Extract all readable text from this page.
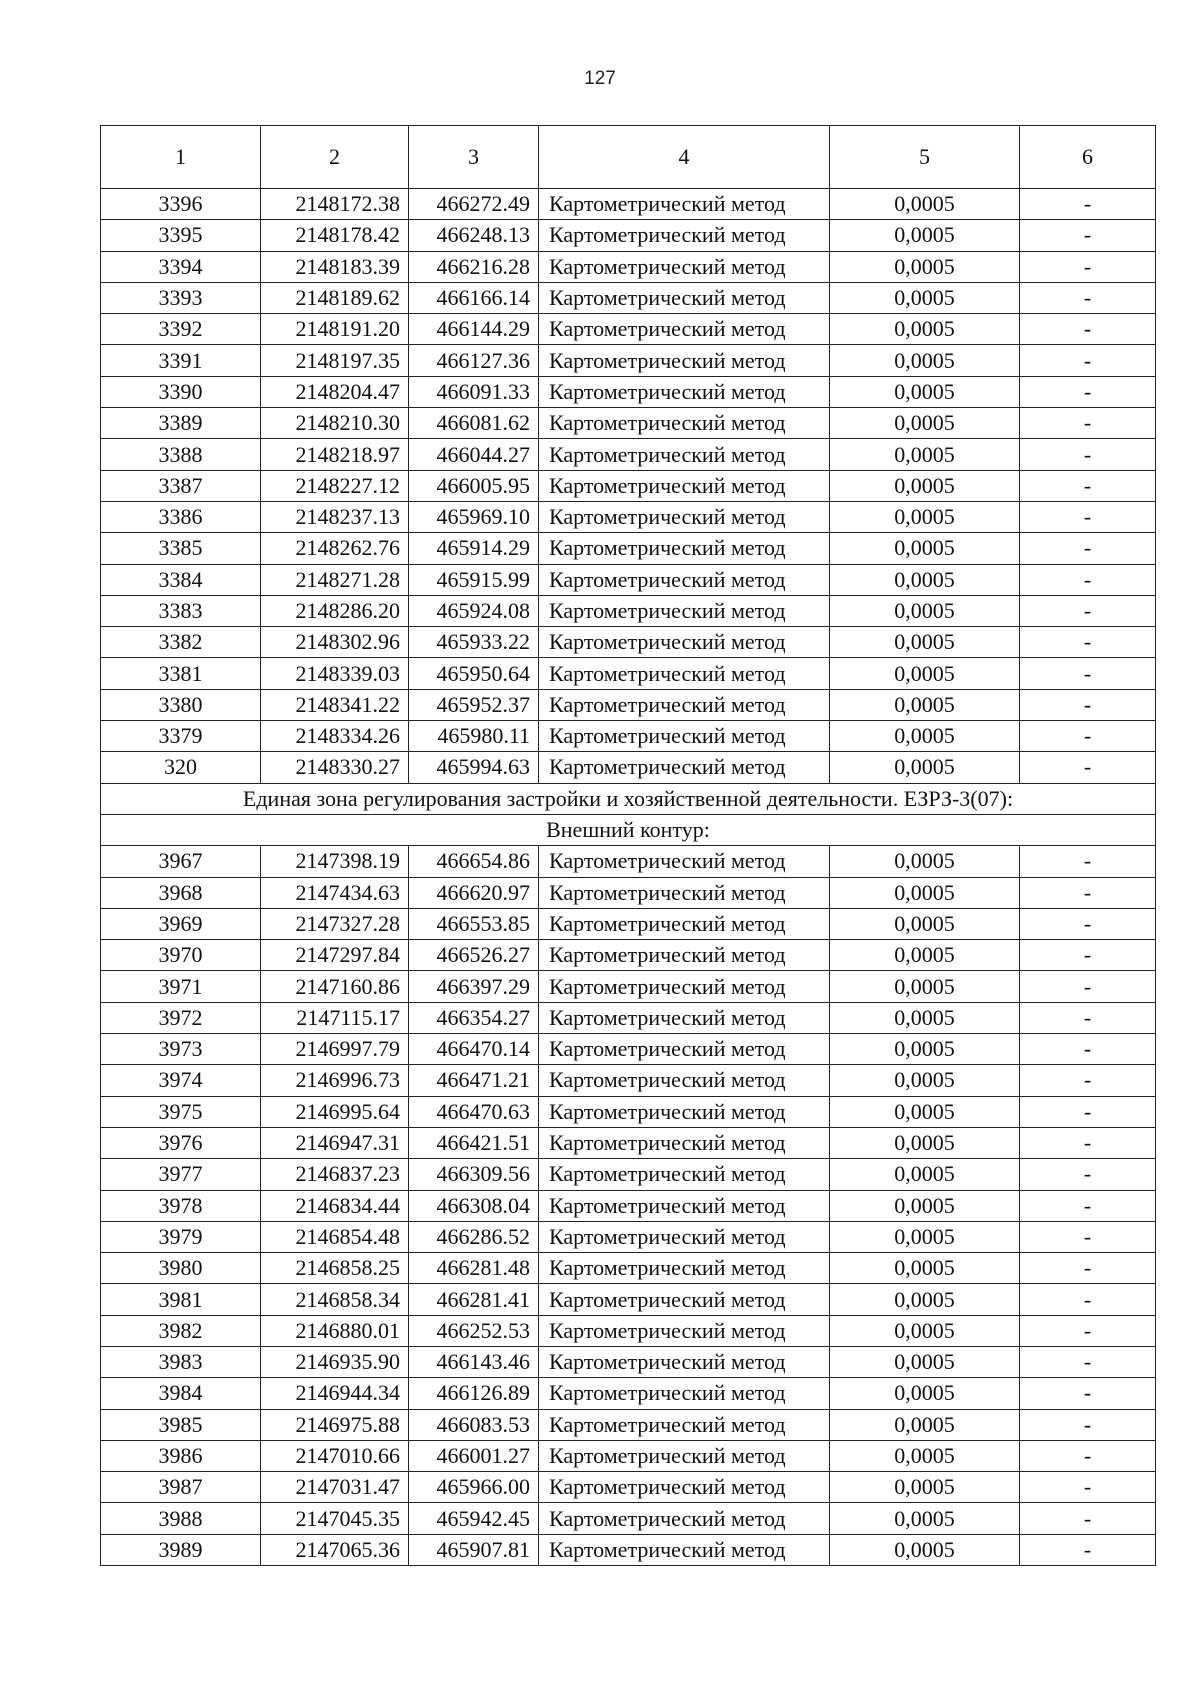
127
1	2	3	4	5	6
3396	2148172.38	466272.49	Картометрический метод	0,0005	-
3395	2148178.42	466248.13	Картометрический метод	0,0005	-
3394	2148183.39	466216.28	Картометрический метод	0,0005	-
3393	2148189.62	466166.14	Картометрический метод	0,0005	-
3392	2148191.20	466144.29	Картометрический метод	0,0005	-
3391	2148197.35	466127.36	Картометрический метод	0,0005	-
3390	2148204.47	466091.33	Картометрический метод	0,0005	-
3389	2148210.30	466081.62	Картометрический метод	0,0005	-
3388	2148218.97	466044.27	Картометрический метод	0,0005	-
3387	2148227.12	466005.95	Картометрический метод	0,0005	-
3386	2148237.13	465969.10	Картометрический метод	0,0005	-
3385	2148262.76	465914.29	Картометрический метод	0,0005	-
3384	2148271.28	465915.99	Картометрический метод	0,0005	-
3383	2148286.20	465924.08	Картометрический метод	0,0005	-
3382	2148302.96	465933.22	Картометрический метод	0,0005	-
3381	2148339.03	465950.64	Картометрический метод	0,0005	-
3380	2148341.22	465952.37	Картометрический метод	0,0005	-
3379	2148334.26	465980.11	Картометрический метод	0,0005	-
320	2148330.27	465994.63	Картометрический метод	0,0005	-
Единая зона регулирования застройки и хозяйственной деятельности. ЕЗРЗ-3(07):					
Внешний контур:					
3967	2147398.19	466654.86	Картометрический метод	0,0005	-
3968	2147434.63	466620.97	Картометрический метод	0,0005	-
3969	2147327.28	466553.85	Картометрический метод	0,0005	-
3970	2147297.84	466526.27	Картометрический метод	0,0005	-
3971	2147160.86	466397.29	Картометрический метод	0,0005	-
3972	2147115.17	466354.27	Картометрический метод	0,0005	-
3973	2146997.79	466470.14	Картометрический метод	0,0005	-
3974	2146996.73	466471.21	Картометрический метод	0,0005	-
3975	2146995.64	466470.63	Картометрический метод	0,0005	-
3976	2146947.31	466421.51	Картометрический метод	0,0005	-
3977	2146837.23	466309.56	Картометрический метод	0,0005	-
3978	2146834.44	466308.04	Картометрический метод	0,0005	-
3979	2146854.48	466286.52	Картометрический метод	0,0005	-
3980	2146858.25	466281.48	Картометрический метод	0,0005	-
3981	2146858.34	466281.41	Картометрический метод	0,0005	-
3982	2146880.01	466252.53	Картометрический метод	0,0005	-
3983	2146935.90	466143.46	Картометрический метод	0,0005	-
3984	2146944.34	466126.89	Картометрический метод	0,0005	-
3985	2146975.88	466083.53	Картометрический метод	0,0005	-
3986	2147010.66	466001.27	Картометрический метод	0,0005	-
3987	2147031.47	465966.00	Картометрический метод	0,0005	-
3988	2147045.35	465942.45	Картометрический метод	0,0005	-
3989	2147065.36	465907.81	Картометрический метод	0,0005	-
